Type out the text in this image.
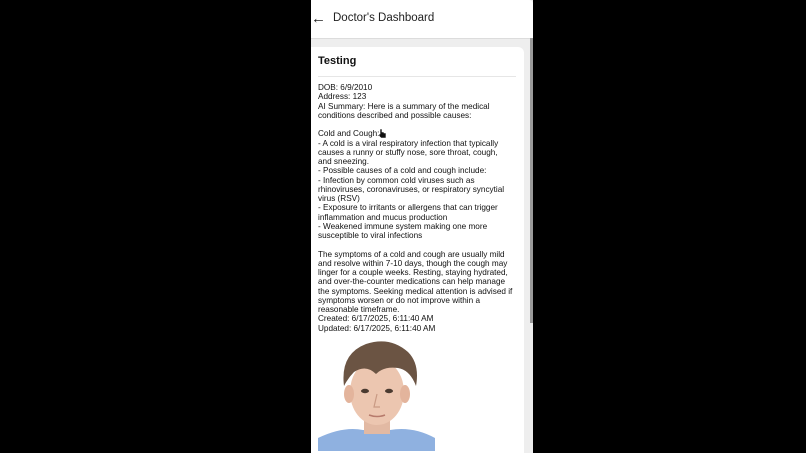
← Doctor's Dashboard
Testing
DOB: 6/9/2010
Address: 123
AI Summary: Here is a summary of the medical
conditions described and possible causes:
Cold and Cough:
- A cold is a viral respiratory infection that typically
causes a runny or stuffy nose, sore throat, cough,
and sneezing.
- Possible causes of a cold and cough include:
- Infection by common cold viruses such as
rhinoviruses, coronaviruses, or respiratory syncytial
virus (RSV)
- Exposure to irritants or allergens that can trigger
inflammation and mucus production
- Weakened immune system making one more
susceptible to viral infections
The symptoms of a cold and cough are usually mild
and resolve within 7-10 days, though the cough may
linger for a couple weeks. Resting, staying hydrated,
and over-the-counter medications can help manage
the symptoms. Seeking medical attention is advised if
symptoms worsen or do not improve within a
reasonable timeframe.
Created: 6/17/2025, 6:11:40 AM
Updated: 6/17/2025, 6:11:40 AM
